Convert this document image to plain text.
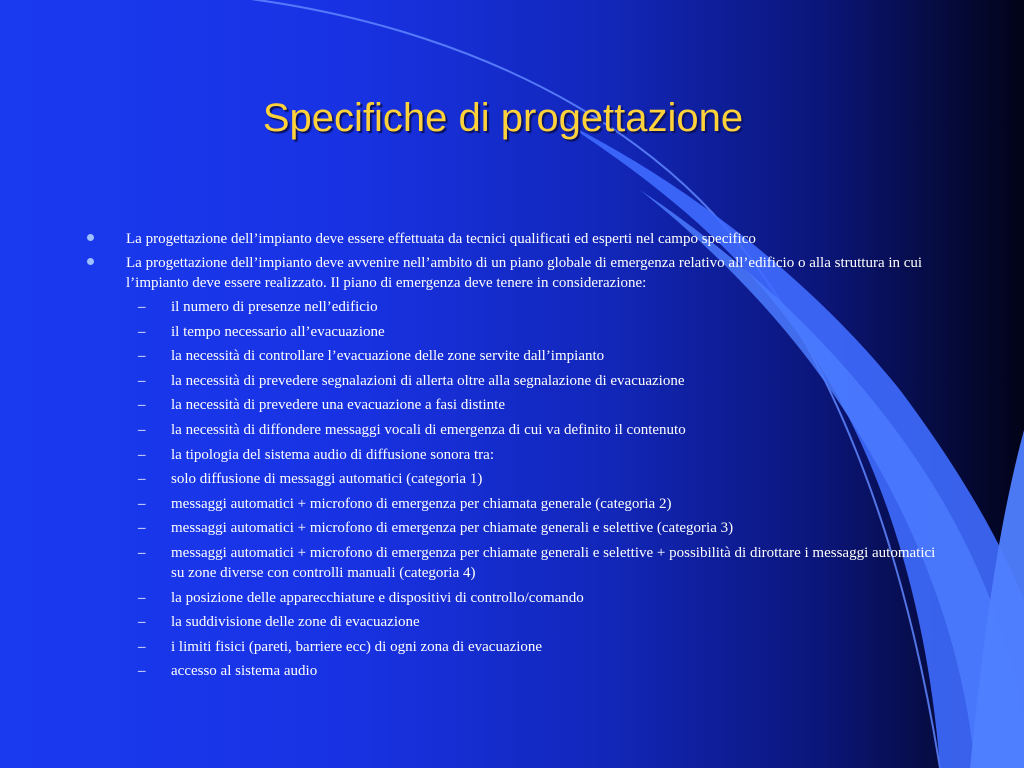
Specifiche di progettazione
La progettazione dell’impianto deve essere effettuata da tecnici qualificati ed esperti nel campo specifico
La progettazione dell’impianto deve avvenire nell’ambito di un piano globale di emergenza relativo all’edificio o alla struttura in cui l’impianto deve essere realizzato. Il piano di emergenza deve tenere in considerazione:
– il numero di presenze nell’edificio
– il tempo necessario all’evacuazione
– la necessità di controllare l’evacuazione delle zone servite dall’impianto
– la necessità di prevedere segnalazioni di allerta oltre alla segnalazione di evacuazione
– la necessità di prevedere una evacuazione a fasi distinte
– la necessità di diffondere messaggi vocali di emergenza di cui va definito il contenuto
– la tipologia del sistema audio di diffusione sonora tra:
– solo diffusione di messaggi automatici (categoria 1)
– messaggi automatici + microfono di emergenza per chiamata generale (categoria 2)
– messaggi automatici + microfono di emergenza per chiamate generali e selettive (categoria 3)
– messaggi automatici + microfono di emergenza per chiamate generali e selettive + possibilità di dirottare i messaggi automatici su zone diverse con controlli manuali (categoria 4)
– la posizione delle apparecchiature e dispositivi di controllo/comando
– la suddivisione delle zone di evacuazione
– i limiti fisici (pareti, barriere ecc) di ogni zona di evacuazione
– accesso al sistema audio
